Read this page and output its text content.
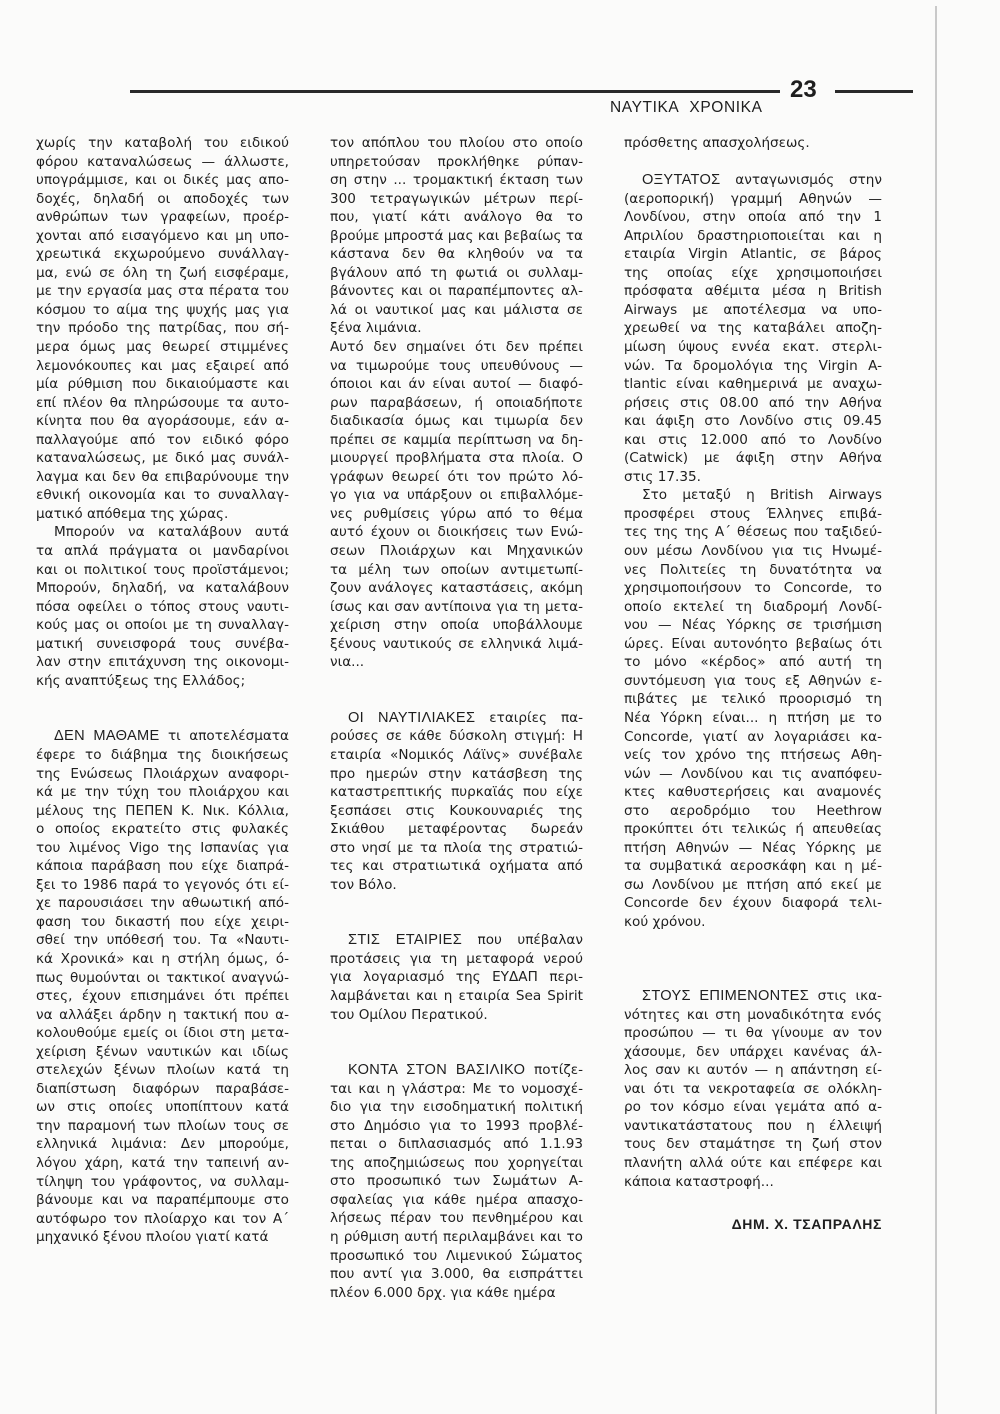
23
ΝΑΥΤΙΚΑ ΧΡΟΝΙΚΑ
χωρίς την καταβολή του ειδικού
φόρου καταναλώσεως — άλλωστε,
υπογράμμισε, και οι δικές μας απο-
δοχές, δηλαδή οι αποδοχές των
ανθρώπων των γραφείων, προέρ-
χονται από εισαγόμενο και μη υπο-
χρεωτικά εκχωρούμενο συνάλλαγ-
μα, ενώ σε όλη τη ζωή εισφέραμε,
με την εργασία μας στα πέρατα του
κόσμου το αίμα της ψυχής μας για
την πρόοδο της πατρίδας, που σή-
μερα όμως μας θεωρεί στιμμένες
λεμονόκουπες και μας εξαιρεί από
μία ρύθμιση που δικαιούμαστε και
επί πλέον θα πληρώσουμε τα αυτο-
κίνητα που θα αγοράσουμε, εάν α-
παλλαγούμε από τον ειδικό φόρο
καταναλώσεως, με δικό μας συνάλ-
λαγμα και δεν θα επιβαρύνουμε την
εθνική οικονομία και το συναλλαγ-
ματικό απόθεμα της χώρας.
Μπορούν να καταλάβουν αυτά
τα απλά πράγματα οι μανδαρίνοι
και οι πολιτικοί τους προϊστάμενοι;
Μπορούν, δηλαδή, να καταλάβουν
πόσα οφείλει ο τόπος στους ναυτι-
κούς μας οι οποίοι με τη συναλλαγ-
ματική συνεισφορά τους συνέβα-
λαν στην επιτάχυνση της οικονομι-
κής αναπτύξεως της Ελλάδος;
ΔΕΝ ΜΑΘΑΜΕ τι αποτελέσματα
έφερε το διάβημα της διοικήσεως
της Ενώσεως Πλοιάρχων αναφορι-
κά με την τύχη του πλοιάρχου και
μέλους της ΠΕΠΕΝ Κ. Νικ. Κόλλια,
ο οποίος εκρατείτο στις φυλακές
του λιμένος Vigo της Ισπανίας για
κάποια παράβαση που είχε διαπρά-
ξει το 1986 παρά το γεγονός ότι εί-
χε παρουσιάσει την αθωωτική από-
φαση του δικαστή που είχε χειρι-
σθεί την υπόθεσή του. Τα «Ναυτι-
κά Χρονικά» και η στήλη όμως, ό-
πως θυμούνται οι τακτικοί αναγνώ-
στες, έχουν επισημάνει ότι πρέπει
να αλλάξει άρδην η τακτική που α-
κολουθούμε εμείς οι ίδιοι στη μετα-
χείριση ξένων ναυτικών και ιδίως
στελεχών ξένων πλοίων κατά τη
διαπίστωση διαφόρων παραβάσε-
ων στις οποίες υποπίπτουν κατά
την παραμονή των πλοίων τους σε
ελληνικά λιμάνια: Δεν μπορούμε,
λόγου χάρη, κατά την ταπεινή αν-
τίληψη του γράφοντος, να συλλαμ-
βάνουμε και να παραπέμπουμε στο
αυτόφωρο τον πλοίαρχο και τον Α΄
μηχανικό ξένου πλοίου γιατί κατά
τον απόπλου του πλοίου στο οποίο
υπηρετούσαν προκλήθηκε ρύπαν-
ση στην ... τρομακτική έκταση των
300 τετραγωγικών μέτρων περί-
που, γιατί κάτι ανάλογο θα το
βρούμε μπροστά μας και βεβαίως τα
κάστανα δεν θα κληθούν να τα
βγάλουν από τη φωτιά οι συλλαμ-
βάνοντες και οι παραπέμποντες αλ-
λά οι ναυτικοί μας και μάλιστα σε
ξένα λιμάνια.
Αυτό δεν σημαίνει ότι δεν πρέπει
να τιμωρούμε τους υπευθύνους —
όποιοι και άν είναι αυτοί — διαφό-
ρων παραβάσεων, ή οποιαδήποτε
διαδικασία όμως και τιμωρία δεν
πρέπει σε καμμία περίπτωση να δη-
μιουργεί προβλήματα στα πλοία. Ο
γράφων θεωρεί ότι τον πρώτο λό-
γο για να υπάρξουν οι επιβαλλόμε-
νες ρυθμίσεις γύρω από το θέμα
αυτό έχουν οι διοικήσεις των Ενώ-
σεων Πλοιάρχων και Μηχανικών
τα μέλη των οποίων αντιμετωπί-
ζουν ανάλογες καταστάσεις, ακόμη
ίσως και σαν αντίποινα για τη μετα-
χείριση στην οποία υποβάλλουμε
ξένους ναυτικούς σε ελληνικά λιμά-
νια...
ΟΙ ΝΑΥΤΙΛΙΑΚΕΣ εταιρίες πα-
ρούσες σε κάθε δύσκολη στιγμή: Η
εταιρία «Νομικός Λάϊνς» συνέβαλε
προ ημερών στην κατάσβεση της
καταστρεπτικής πυρκαϊάς που είχε
ξεσπάσει στις Κουκουναριές της
Σκιάθου μεταφέροντας δωρεάν
στο νησί με τα πλοία της στρατιώ-
τες και στρατιωτικά οχήματα από
τον Βόλο.
ΣΤΙΣ ΕΤΑΙΡΙΕΣ που υπέβαλαν
προτάσεις για τη μεταφορά νερού
για λογαριασμό της ΕΥΔΑΠ περι-
λαμβάνεται και η εταιρία Sea Spirit
του Ομίλου Περατικού.
ΚΟΝΤΑ ΣΤΟΝ ΒΑΣΙΛΙΚΟ ποτίζε-
ται και η γλάστρα: Με το νομοσχέ-
διο για την εισοδηματική πολιτική
στο Δημόσιο για το 1993 προβλέ-
πεται ο διπλασιασμός από 1.1.93
της αποζημιώσεως που χορηγείται
στο προσωπικό των Σωμάτων Α-
σφαλείας για κάθε ημέρα απασχο-
λήσεως πέραν του πενθημέρου και
η ρύθμιση αυτή περιλαμβάνει και το
προσωπικό του Λιμενικού Σώματος
που αντί για 3.000, θα εισπράττει
πλέον 6.000 δρχ. για κάθε ημέρα
πρόσθετης απασχολήσεως.
ΟΞΥΤΑΤΟΣ ανταγωνισμός στην
(αεροπορική) γραμμή Αθηνών —
Λονδίνου, στην οποία από την 1
Απριλίου δραστηριοποιείται και η
εταιρία Virgin Atlantic, σε βάρος
της οποίας είχε χρησιμοποιήσει
πρόσφατα αθέμιτα μέσα η British
Airways με αποτέλεσμα να υπο-
χρεωθεί να της καταβάλει αποζη-
μίωση ύψους εννέα εκατ. στερλι-
νών. Τα δρομολόγια της Virgin A-
tlantic είναι καθημερινά με αναχω-
ρήσεις στις 08.00 από την Αθήνα
και άφιξη στο Λονδίνο στις 09.45
και στις 12.000 από το Λονδίνο
(Catwick) με άφιξη στην Αθήνα
στις 17.35.
Στο μεταξύ η British Airways
προσφέρει στους Έλληνες επιβά-
τες της της Α΄ θέσεως που ταξιδεύ-
ουν μέσω Λονδίνου για τις Ηνωμέ-
νες Πολιτείες τη δυνατότητα να
χρησιμοποιήσουν το Concorde, το
οποίο εκτελεί τη διαδρομή Λονδί-
νου — Νέας Υόρκης σε τρισήμιση
ώρες. Είναι αυτονόητο βεβαίως ότι
το μόνο «κέρδος» από αυτή τη
συντόμευση για τους εξ Αθηνών ε-
πιβάτες με τελικό προορισμό τη
Νέα Υόρκη είναι... η πτήση με το
Concorde, γιατί αν λογαριάσει κα-
νείς τον χρόνο της πτήσεως Αθη-
νών — Λονδίνου και τις αναπόφευ-
κτες καθυστερήσεις και αναμονές
στο αεροδρόμιο του Heethrow
προκύπτει ότι τελικώς ή απευθείας
πτήση Αθηνών — Νέας Υόρκης με
τα συμβατικά αεροσκάφη και η μέ-
σω Λονδίνου με πτήση από εκεί με
Concorde δεν έχουν διαφορά τελι-
κού χρόνου.
ΣΤΟΥΣ ΕΠΙΜΕΝΟΝΤΕΣ στις ικα-
νότητες και στη μοναδικότητα ενός
προσώπου — τι θα γίνουμε αν τον
χάσουμε, δεν υπάρχει κανένας άλ-
λος σαν κι αυτόν — η απάντηση εί-
ναι ότι τα νεκροταφεία σε ολόκλη-
ρο τον κόσμο είναι γεμάτα από α-
ναντικατάστατους που η έλλειψή
τους δεν σταμάτησε τη ζωή στον
πλανήτη αλλά ούτε και επέφερε και
κάποια καταστροφή...
ΔΗΜ. Χ. ΤΣΑΠΡΑΛΗΣ
